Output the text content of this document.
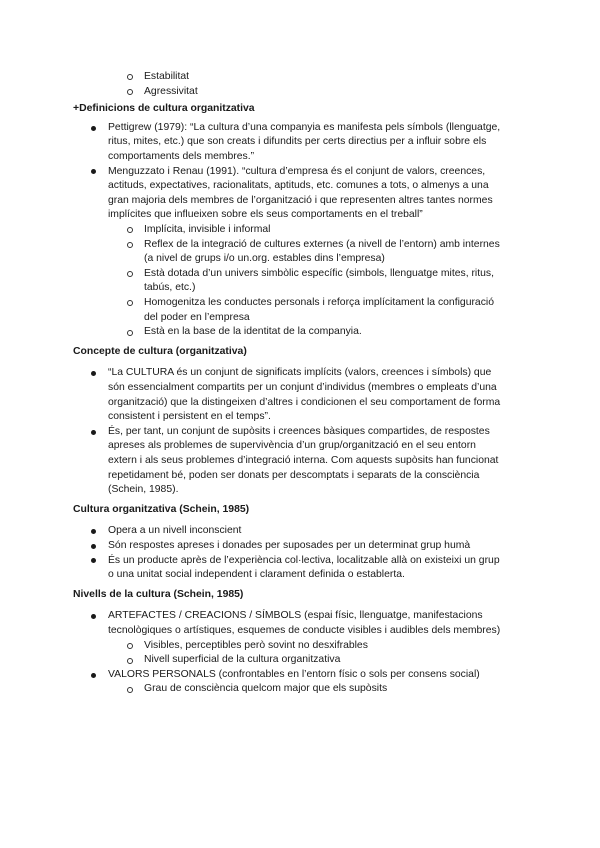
Estabilitat
Agressivitat
+Definicions de cultura organitzativa
Pettigrew (1979): “La cultura d’una companyia es manifesta pels símbols (llenguatge,
ritus, mites, etc.) que son creats i difundits per certs directius per a influir sobre els
comportaments dels membres.”
Menguzzato i Renau (1991). “cultura d’empresa és el conjunt de valors, creences,
actituds, expectatives, racionalitats, aptituds, etc. comunes a tots, o almenys a una
gran majoria dels membres de l’organització i que representen altres tantes normes
implícites que influeixen sobre els seus comportaments en el treball”
Implícita, invisible i informal
Reflex de la integració de cultures externes (a nivell de l’entorn) amb internes
(a nivel de grups i/o un.org. estables dins l’empresa)
Està dotada d’un univers simbòlic específic (simbols, llenguatge mites, ritus,
tabús, etc.)
Homogenitza les conductes personals i reforça implícitament la configuració
del poder en l’empresa
Està en la base de la identitat de la companyia.
Concepte de cultura (organitzativa)
“La CULTURA és un conjunt de significats implícits (valors, creences i símbols) que
són essencialment compartits per un conjunt d’individus (membres o empleats d’una
organització) que la distingeixen d’altres i condicionen el seu comportament de forma
consistent i persistent en el temps”.
És, per tant, un conjunt de supòsits i creences bàsiques compartides, de respostes
apreses als problemes de supervivència d’un grup/organització en el seu entorn
extern i als seus problemes d’integració interna. Com aquests supòsits han funcionat
repetidament bé, poden ser donats per descomptats i separats de la consciència
(Schein, 1985).
Cultura organitzativa (Schein, 1985)
Opera a un nivell inconscient
Són respostes apreses i donades per suposades per un determinat grup humà
És un producte après de l’experiència col·lectiva, localitzable allà on existeixi un grup
o una unitat social independent i clarament definida o establerta.
Nivells de la cultura (Schein, 1985)
ARTEFACTES / CREACIONS / SÍMBOLS (espai físic, llenguatge, manifestacions
tecnològiques o artístiques, esquemes de conducte visibles i audibles dels membres)
Visibles, perceptibles però sovint no desxifrables
Nivell superficial de la cultura organitzativa
VALORS PERSONALS (confrontables en l’entorn físic o sols per consens social)
Grau de consciència quelcom major que els supòsits
